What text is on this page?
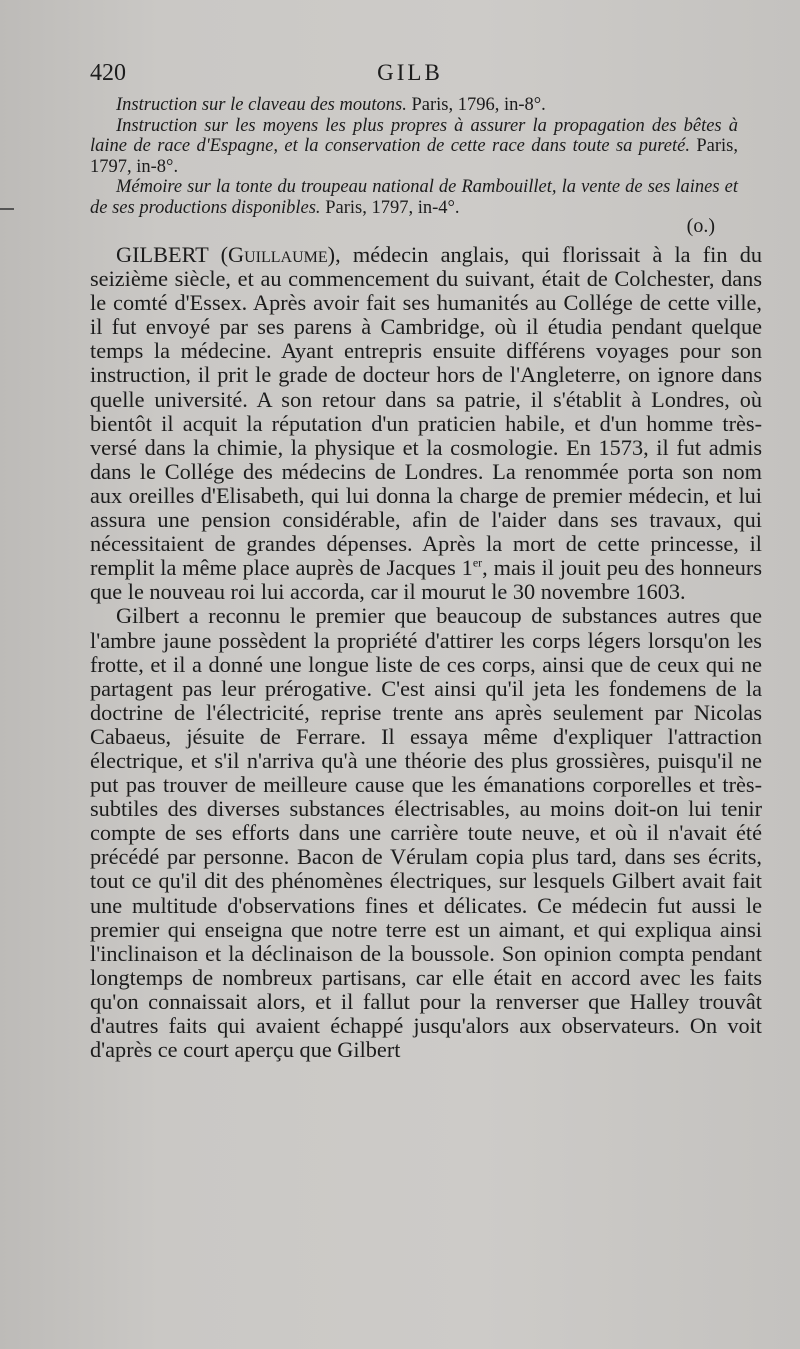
420	GILB

Instruction sur le claveau des moutons. Paris, 1796, in-8°.

Instruction sur les moyens les plus propres à assurer la propagation des bêtes à laine de race d'Espagne, et la conservation de cette race dans toute sa pureté. Paris, 1797, in-8°.

Mémoire sur la tonte du troupeau national de Rambouillet, la vente de ses laines et de ses productions disponibles. Paris, 1797, in-4°.

(o.)

GILBERT (Guillaume), médecin anglais, qui florissait à la fin du seizième siècle, et au commencement du suivant, était de Colchester, dans le comté d'Essex. Après avoir fait ses humanités au Collége de cette ville, il fut envoyé par ses parens à Cambridge, où il étudia pendant quelque temps la médecine. Ayant entrepris ensuite différens voyages pour son instruction, il prit le grade de docteur hors de l'Angleterre, on ignore dans quelle université. A son retour dans sa patrie, il s'établit à Londres, où bientôt il acquit la réputation d'un praticien habile, et d'un homme très-versé dans la chimie, la physique et la cosmologie. En 1573, il fut admis dans le Collége des médecins de Londres. La renommée porta son nom aux oreilles d'Elisabeth, qui lui donna la charge de premier médecin, et lui assura une pension considérable, afin de l'aider dans ses travaux, qui nécessitaient de grandes dépenses. Après la mort de cette princesse, il remplit la même place auprès de Jacques 1er, mais il jouit peu des honneurs que le nouveau roi lui accorda, car il mourut le 30 novembre 1603.

Gilbert a reconnu le premier que beaucoup de substances autres que l'ambre jaune possèdent la propriété d'attirer les corps légers lorsqu'on les frotte, et il a donné une longue liste de ces corps, ainsi que de ceux qui ne partagent pas leur prérogative. C'est ainsi qu'il jeta les fondemens de la doctrine de l'électricité, reprise trente ans après seulement par Nicolas Cabaeus, jésuite de Ferrare. Il essaya même d'expliquer l'attraction électrique, et s'il n'arriva qu'à une théorie des plus grossières, puisqu'il ne put pas trouver de meilleure cause que les émanations corporelles et très-subtiles des diverses substances électrisables, au moins doit-on lui tenir compte de ses efforts dans une carrière toute neuve, et où il n'avait été précédé par personne. Bacon de Vérulam copia plus tard, dans ses écrits, tout ce qu'il dit des phénomènes électriques, sur lesquels Gilbert avait fait une multitude d'observations fines et délicates. Ce médecin fut aussi le premier qui enseigna que notre terre est un aimant, et qui expliqua ainsi l'inclinaison et la déclinaison de la boussole. Son opinion compta pendant longtemps de nombreux partisans, car elle était en accord avec les faits qu'on connaissait alors, et il fallut pour la renverser que Halley trouvât d'autres faits qui avaient échappé jusqu'alors aux observateurs. On voit d'après ce court aperçu que Gilbert
